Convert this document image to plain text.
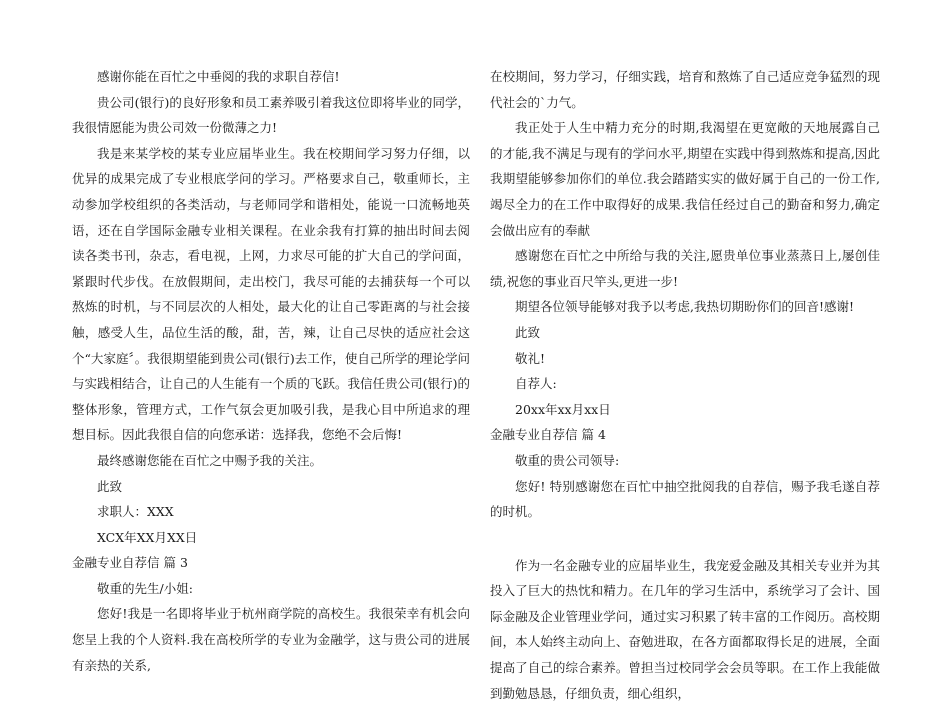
感谢你能在百忙之中垂阅的我的求职自荐信!

贵公司(银行)的良好形象和员工素养吸引着我这位即将毕业的同学，我很情愿能为贵公司效一份微薄之力!

我是来某学校的某专业应届毕业生。我在校期间学习努力仔细，以优异的成果完成了专业根底学问的学习。严格要求自己，敬重师长，主动参加学校组织的各类活动，与老师同学和谐相处，能说一口流畅地英语，还在自学国际金融专业相关课程。在业余我有打算的抽出时间去阅读各类书刊，杂志，看电视，上网，力求尽可能的扩大自己的学问面，紧跟时代步伐。在放假期间，走出校门，我尽可能的去捕获每一个可以熬炼的时机，与不同层次的人相处，最大化的让自己零距离的与社会接触，感受人生，品位生活的酸，甜，苦，辣，让自己尽快的适应社会这个“大家庭〞。我很期望能到贵公司(银行)去工作，使自己所学的理论学问与实践相结合，让自己的人生能有一个质的飞跃。我信任贵公司(银行)的整体形象，管理方式，工作气氛会更加吸引我，是我心目中所追求的理想目标。因此我很自信的向您承诺：选择我，您绝不会后悔!

最终感谢您能在百忙之中赐予我的关注。

此致

求职人：XXX

XCX年XX月XX日

金融专业自荐信 篇 3

敬重的先生/小姐:

您好!我是一名即将毕业于杭州商学院的高校生。我很荣幸有机会向您呈上我的个人资料.我在高校所学的专业为金融学，这与贵公司的进展有亲热的关系,

在校期间，努力学习，仔细实践，培育和熬炼了自己适应竞争猛烈的现代社会的`力气。

我正处于人生中精力充分的时期,我渴望在更宽敞的天地展露自己的才能,我不满足与现有的学问水平,期望在实践中得到熬炼和提高,因此我期望能够参加你们的单位.我会踏踏实实的做好属于自己的一份工作,竭尽全力的在工作中取得好的成果.我信任经过自己的勤奋和努力,确定会做出应有的奉献

感谢您在百忙之中所给与我的关注,愿贵单位事业蒸蒸日上,屡创佳绩,祝您的事业百尺竿头,更进一步!

期望各位领导能够对我予以考虑,我热切期盼你们的回音!感谢!

此致

敬礼!

自荐人:

20xx年xx月xx日

金融专业自荐信 篇 4

敬重的贵公司领导:

您好! 特别感谢您在百忙中抽空批阅我的自荐信，赐予我毛遂自荐的时机。

作为一名金融专业的应届毕业生，我宠爱金融及其相关专业并为其投入了巨大的热忱和精力。在几年的学习生活中，系统学习了会计、国际金融及企业管理业学问，通过实习积累了转丰富的工作阅历。高校期间，本人始终主动向上、奋勉进取，在各方面都取得长足的进展，全面提高了自己的综合素养。曾担当过校同学会会员等职。在工作上我能做到勤勉恳恳，仔细负责，细心组织，
